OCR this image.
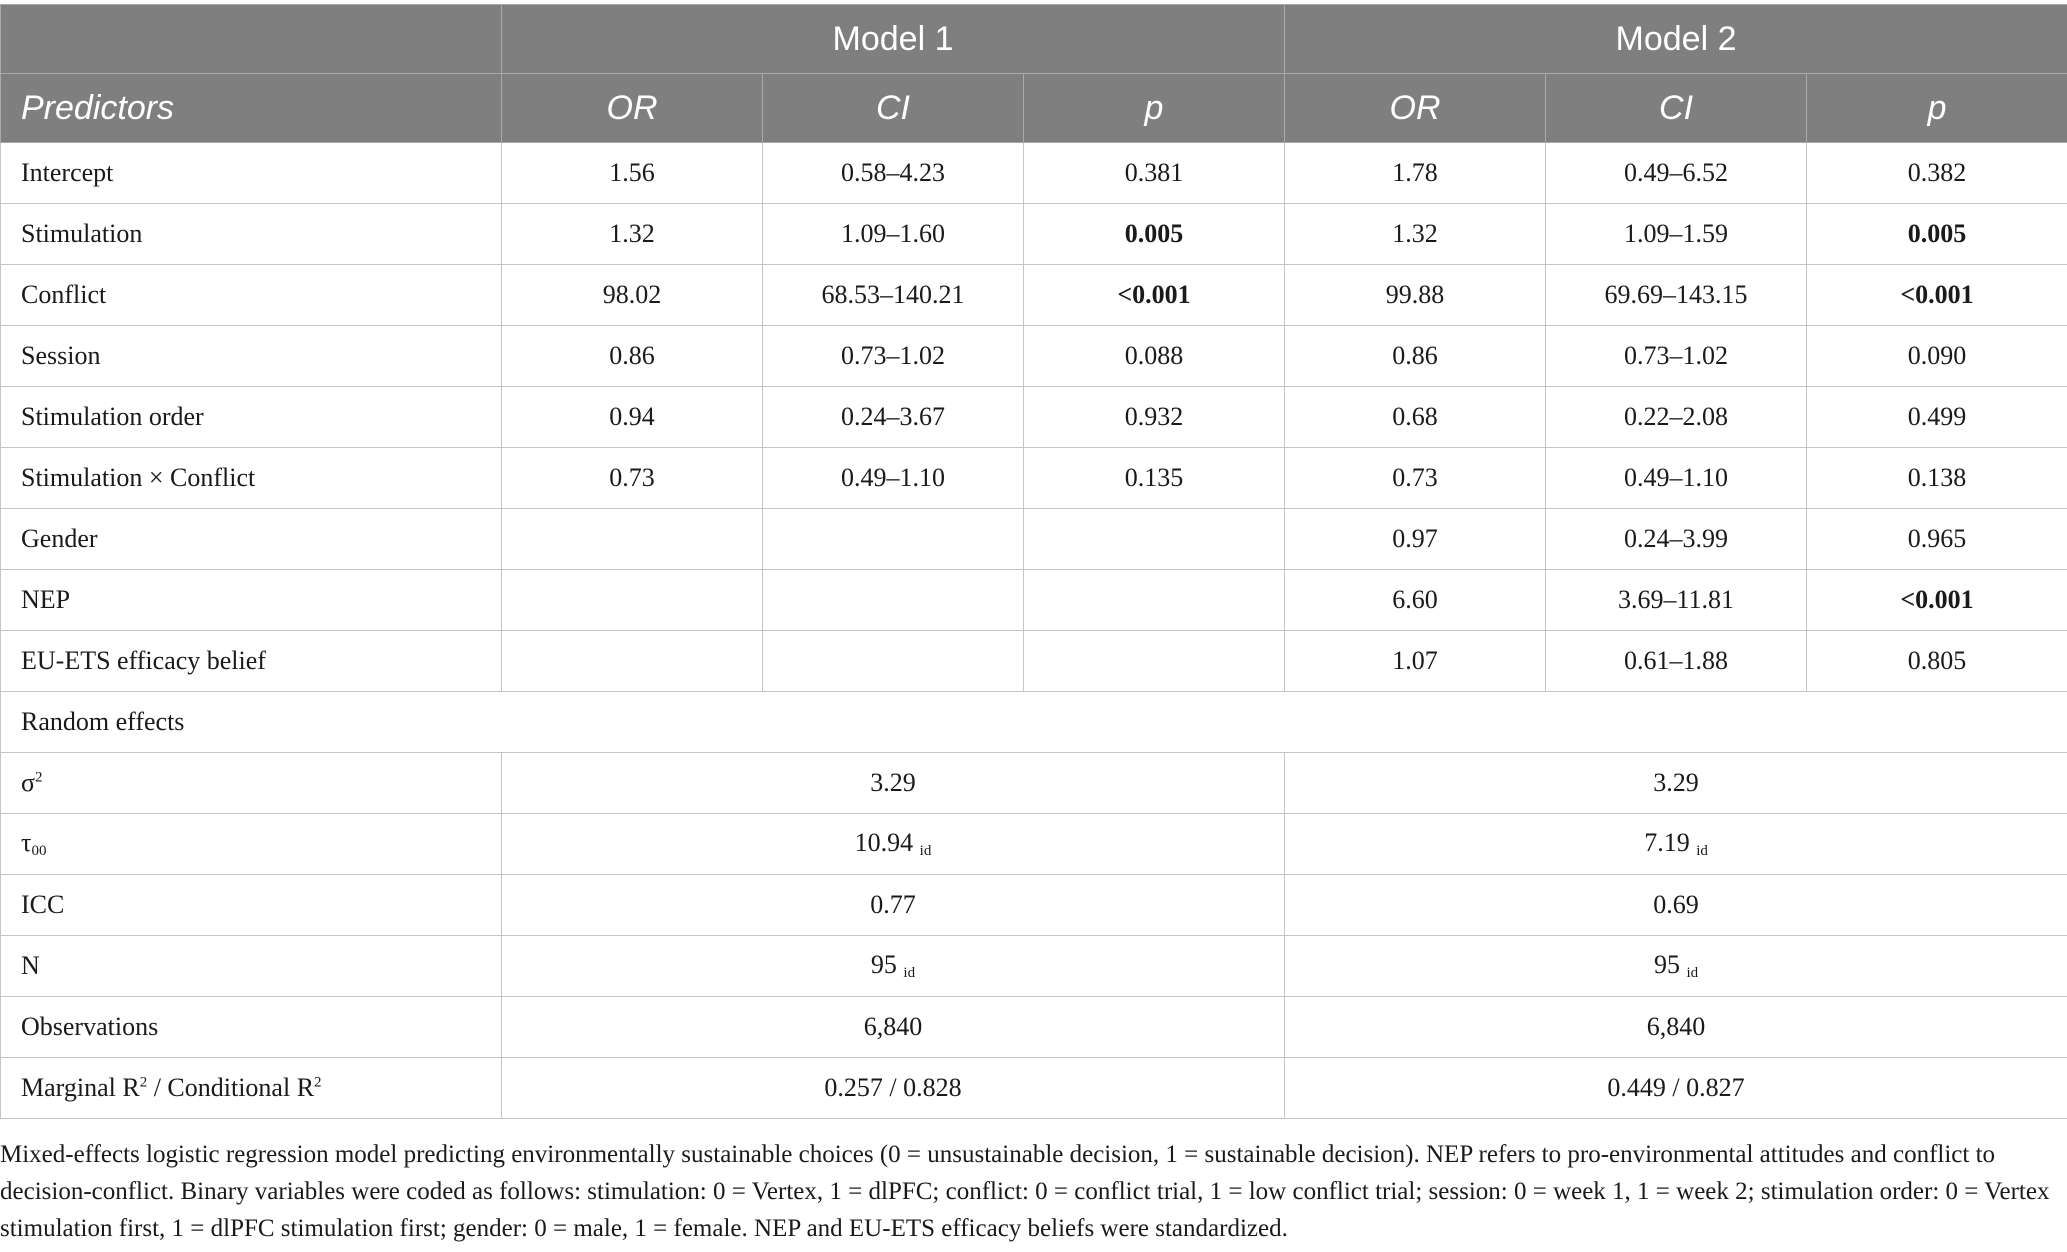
	Model 1			Model 2		
Predictors	OR	CI	p	OR	CI	p
Intercept	1.56	0.58–4.23	0.381	1.78	0.49–6.52	0.382
Stimulation	1.32	1.09–1.60	0.005	1.32	1.09–1.59	0.005
Conflict	98.02	68.53–140.21	<0.001	99.88	69.69–143.15	<0.001
Session	0.86	0.73–1.02	0.088	0.86	0.73–1.02	0.090
Stimulation order	0.94	0.24–3.67	0.932	0.68	0.22–2.08	0.499
Stimulation × Conflict	0.73	0.49–1.10	0.135	0.73	0.49–1.10	0.138
Gender				0.97	0.24–3.99	0.965
NEP				6.60	3.69–11.81	<0.001
EU-ETS efficacy belief				1.07	0.61–1.88	0.805
Random effects						
$\sigma^2$	3.29			3.29		
$\tau_{00}$	10.94 $_{id}$			7.19 $_{id}$
ICC	0.77			0.69		
N	95 $_{id}$			95 $_{id}$
Observations	6,840			6,840		
Marginal $R^2$ / Conditional $R^2$	0.257 / 0.828			0.449 / 0.827		
Mixed-effects logistic regression model predicting environmentally sustainable choices (0 = unsustainable decision, 1 = sustainable decision). NEP refers to pro-environmental attitudes and conflict to decision-conflict. Binary variables were coded as follows: stimulation: 0 = Vertex, 1 = dlPFC; conflict: 0 = conflict trial, 1 = low conflict trial; session: 0 = week 1, 1 = week 2; stimulation order: 0 = Vertex stimulation first, 1 = dlPFC stimulation first; gender: 0 = male, 1 = female. NEP and EU-ETS efficacy beliefs were standardized.
